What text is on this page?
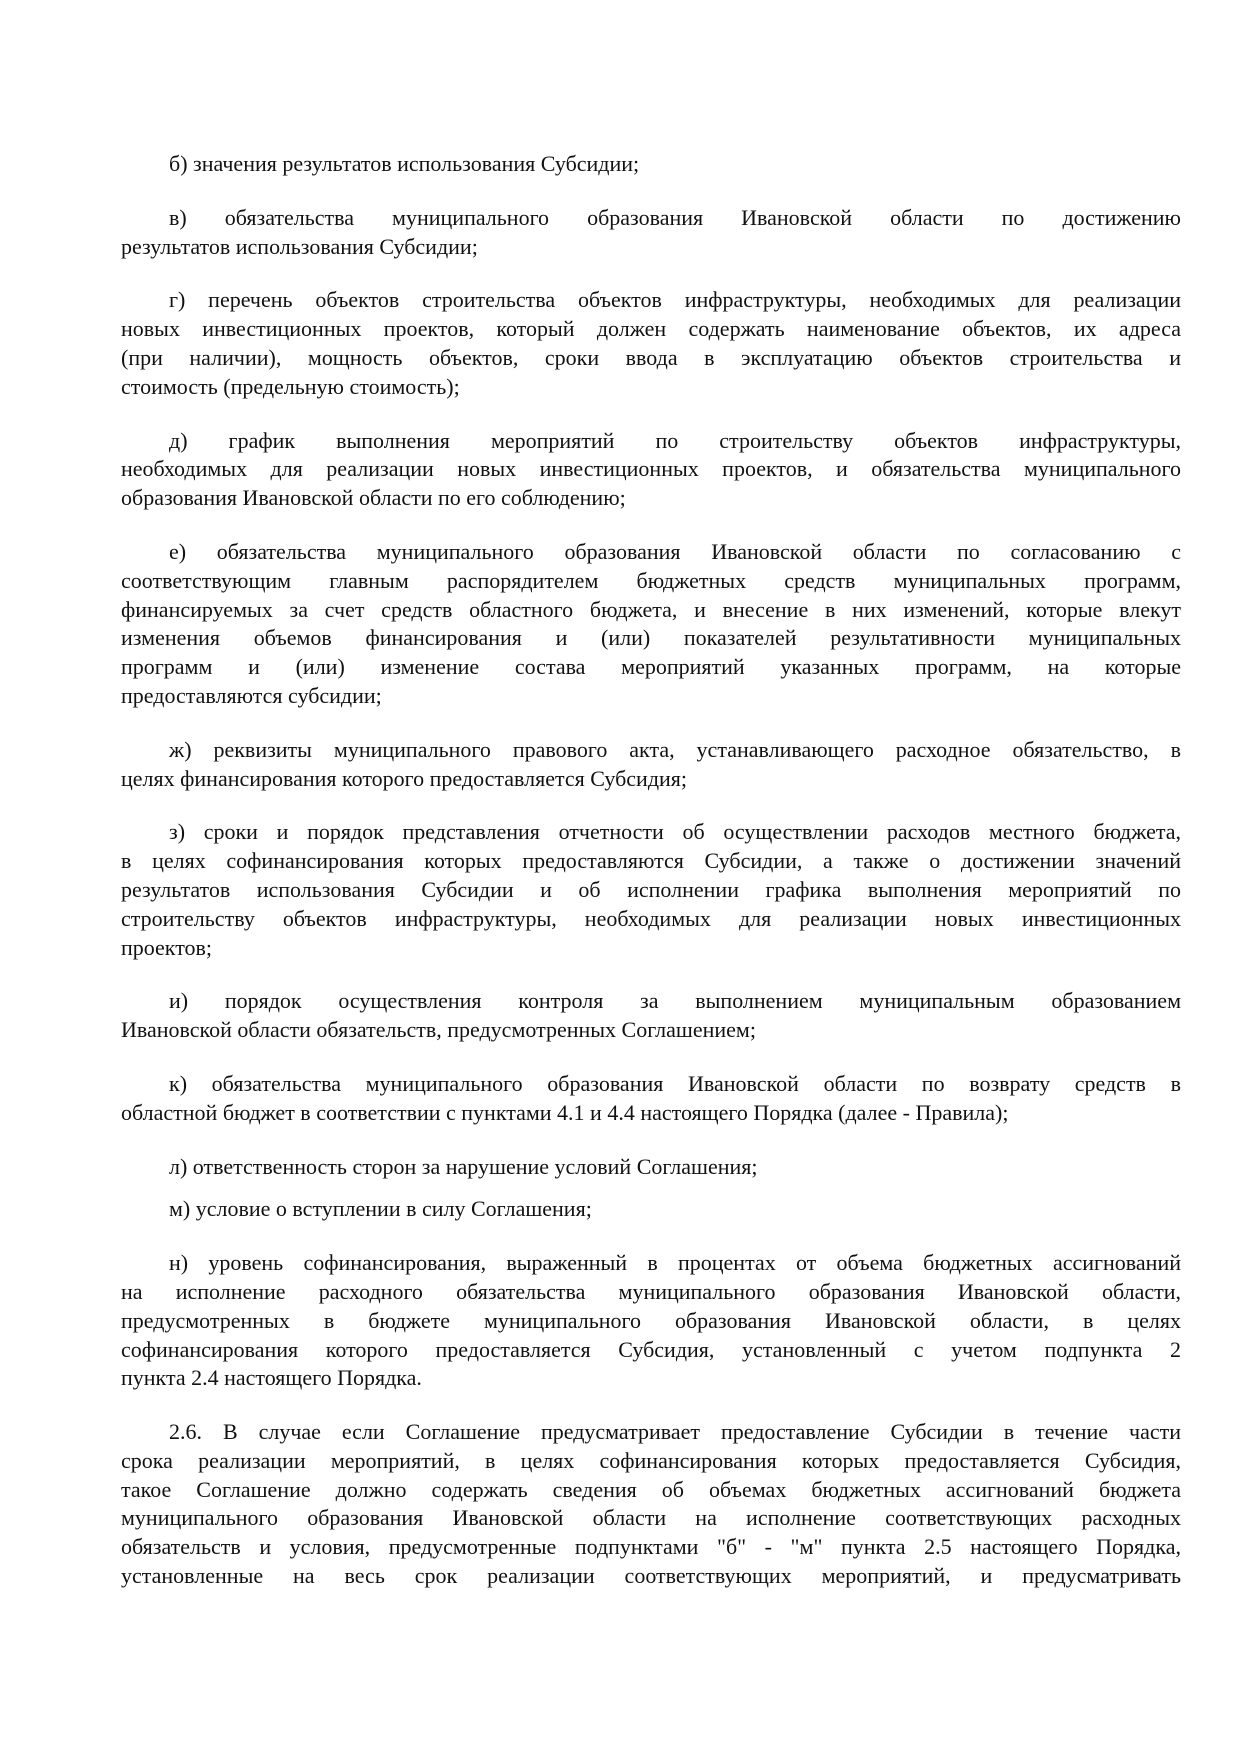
б) значения результатов использования Субсидии;
в) обязательства муниципального образования Ивановской области по достижению
результатов использования Субсидии;
г) перечень объектов строительства объектов инфраструктуры, необходимых для реализации
новых инвестиционных проектов, который должен содержать наименование объектов, их адреса
(при наличии), мощность объектов, сроки ввода в эксплуатацию объектов строительства и
стоимость (предельную стоимость);
д) график выполнения мероприятий по строительству объектов инфраструктуры,
необходимых для реализации новых инвестиционных проектов, и обязательства муниципального
образования Ивановской области по его соблюдению;
е) обязательства муниципального образования Ивановской области по согласованию с
соответствующим главным распорядителем бюджетных средств муниципальных программ,
финансируемых за счет средств областного бюджета, и внесение в них изменений, которые влекут
изменения объемов финансирования и (или) показателей результативности муниципальных
программ и (или) изменение состава мероприятий указанных программ, на которые
предоставляются субсидии;
ж) реквизиты муниципального правового акта, устанавливающего расходное обязательство, в
целях финансирования которого предоставляется Субсидия;
з) сроки и порядок представления отчетности об осуществлении расходов местного бюджета,
в целях софинансирования которых предоставляются Субсидии, а также о достижении значений
результатов использования Субсидии и об исполнении графика выполнения мероприятий по
строительству объектов инфраструктуры, необходимых для реализации новых инвестиционных
проектов;
и) порядок осуществления контроля за выполнением муниципальным образованием
Ивановской области обязательств, предусмотренных Соглашением;
к) обязательства муниципального образования Ивановской области по возврату средств в
областной бюджет в соответствии с пунктами 4.1 и 4.4 настоящего Порядка (далее - Правила);
л) ответственность сторон за нарушение условий Соглашения;
м) условие о вступлении в силу Соглашения;
н) уровень софинансирования, выраженный в процентах от объема бюджетных ассигнований
на исполнение расходного обязательства муниципального образования Ивановской области,
предусмотренных в бюджете муниципального образования Ивановской области, в целях
софинансирования которого предоставляется Субсидия, установленный с учетом подпункта 2
пункта 2.4 настоящего Порядка.
2.6. В случае если Соглашение предусматривает предоставление Субсидии в течение части
срока реализации мероприятий, в целях софинансирования которых предоставляется Субсидия,
такое Соглашение должно содержать сведения об объемах бюджетных ассигнований бюджета
муниципального образования Ивановской области на исполнение соответствующих расходных
обязательств и условия, предусмотренные подпунктами "б" - "м" пункта 2.5 настоящего Порядка,
установленные на весь срок реализации соответствующих мероприятий, и предусматривать
